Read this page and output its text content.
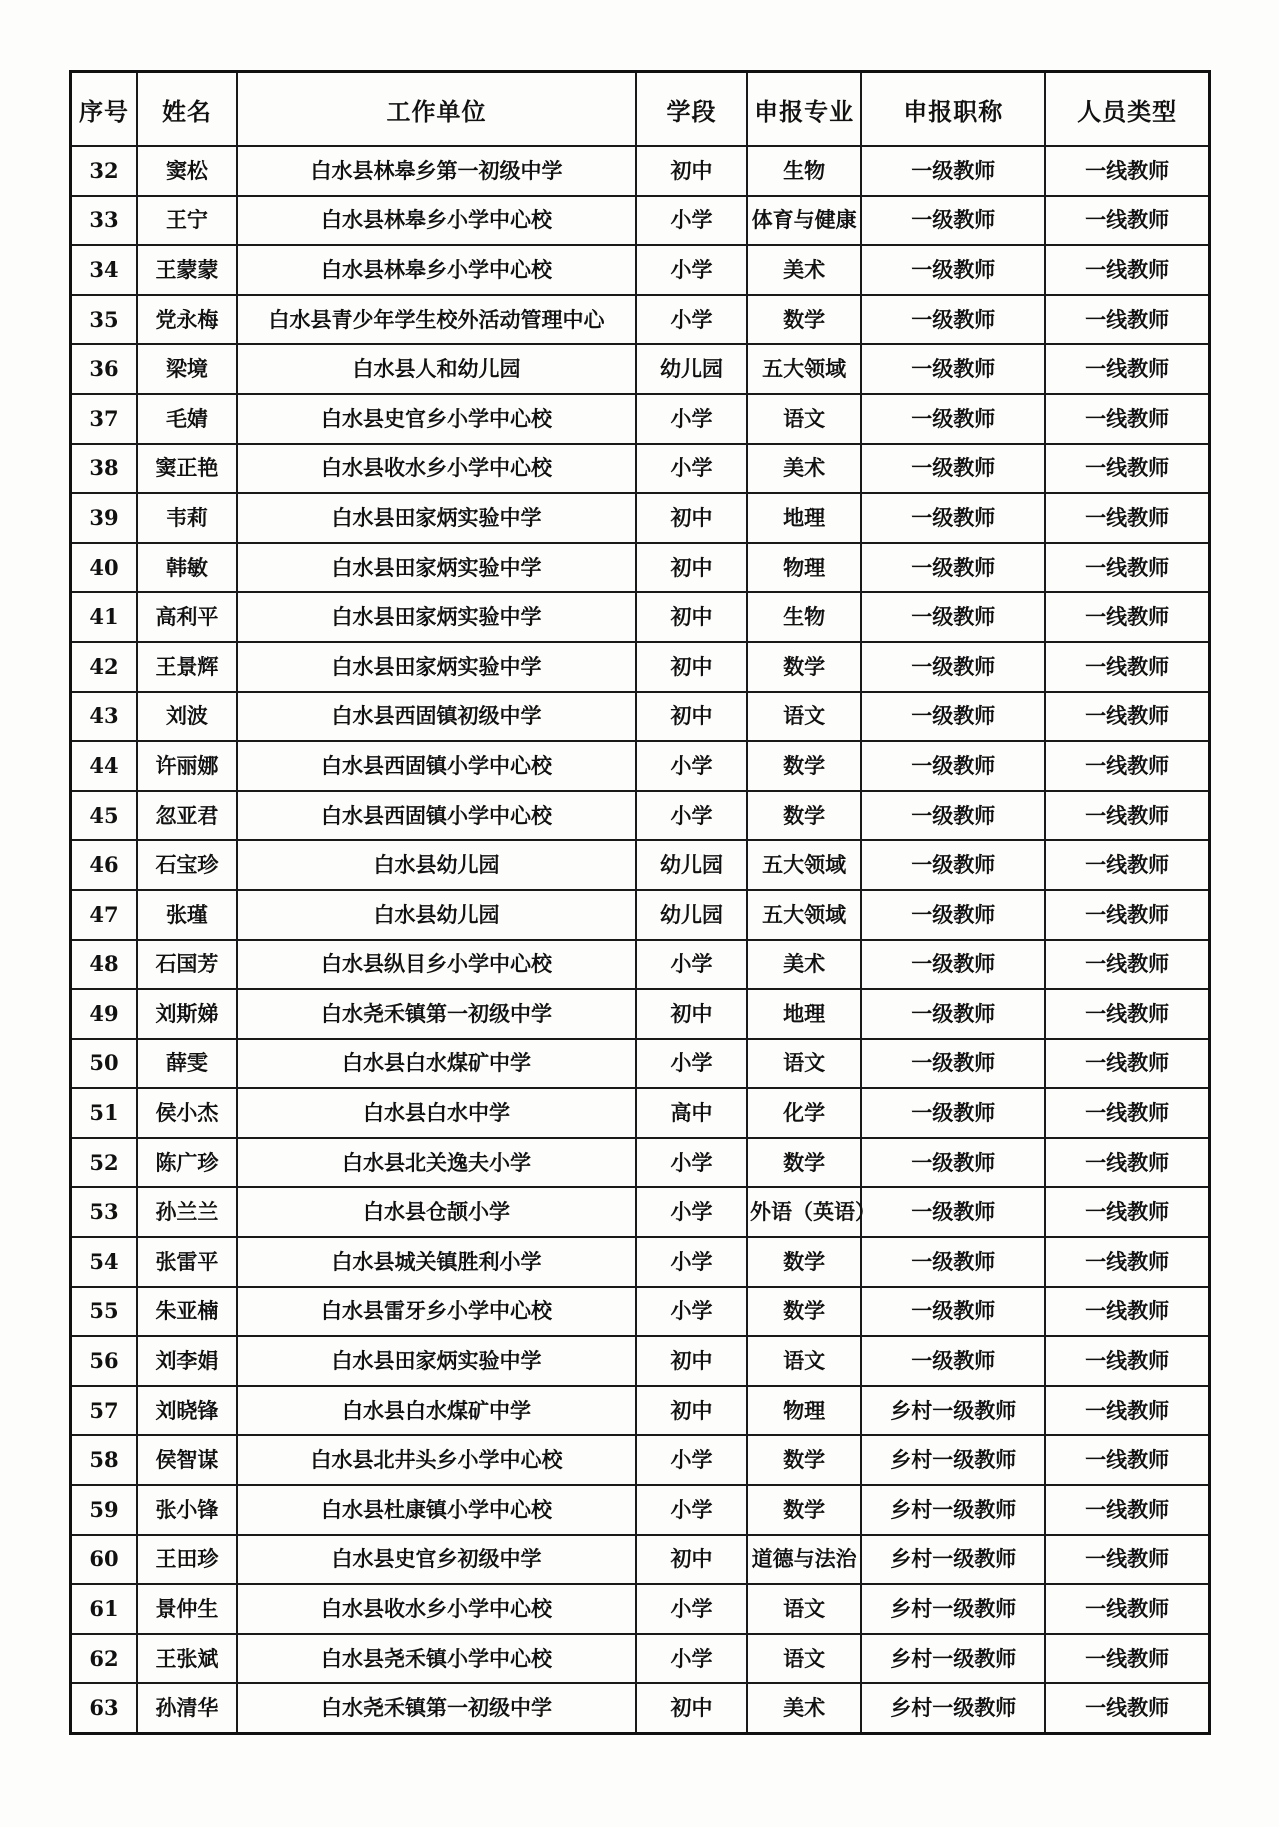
序号	姓名	工作单位	学段	申报专业	申报职称	人员类型
32	窦松	白水县林皋乡第一初级中学	初中	生物	一级教师	一线教师
33	王宁	白水县林皋乡小学中心校	小学	体育与健康	一级教师	一线教师
34	王蒙蒙	白水县林皋乡小学中心校	小学	美术	一级教师	一线教师
35	党永梅	白水县青少年学生校外活动管理中心	小学	数学	一级教师	一线教师
36	梁境	白水县人和幼儿园	幼儿园	五大领域	一级教师	一线教师
37	毛婧	白水县史官乡小学中心校	小学	语文	一级教师	一线教师
38	窦正艳	白水县收水乡小学中心校	小学	美术	一级教师	一线教师
39	韦莉	白水县田家炳实验中学	初中	地理	一级教师	一线教师
40	韩敏	白水县田家炳实验中学	初中	物理	一级教师	一线教师
41	高利平	白水县田家炳实验中学	初中	生物	一级教师	一线教师
42	王景辉	白水县田家炳实验中学	初中	数学	一级教师	一线教师
43	刘波	白水县西固镇初级中学	初中	语文	一级教师	一线教师
44	许丽娜	白水县西固镇小学中心校	小学	数学	一级教师	一线教师
45	忽亚君	白水县西固镇小学中心校	小学	数学	一级教师	一线教师
46	石宝珍	白水县幼儿园	幼儿园	五大领域	一级教师	一线教师
47	张瑾	白水县幼儿园	幼儿园	五大领域	一级教师	一线教师
48	石国芳	白水县纵目乡小学中心校	小学	美术	一级教师	一线教师
49	刘斯娣	白水尧禾镇第一初级中学	初中	地理	一级教师	一线教师
50	薛雯	白水县白水煤矿中学	小学	语文	一级教师	一线教师
51	侯小杰	白水县白水中学	高中	化学	一级教师	一线教师
52	陈广珍	白水县北关逸夫小学	小学	数学	一级教师	一线教师
53	孙兰兰	白水县仓颉小学	小学	外语（英语）	一级教师	一线教师
54	张雷平	白水县城关镇胜利小学	小学	数学	一级教师	一线教师
55	朱亚楠	白水县雷牙乡小学中心校	小学	数学	一级教师	一线教师
56	刘李娟	白水县田家炳实验中学	初中	语文	一级教师	一线教师
57	刘晓锋	白水县白水煤矿中学	初中	物理	乡村一级教师	一线教师
58	侯智谋	白水县北井头乡小学中心校	小学	数学	乡村一级教师	一线教师
59	张小锋	白水县杜康镇小学中心校	小学	数学	乡村一级教师	一线教师
60	王田珍	白水县史官乡初级中学	初中	道德与法治	乡村一级教师	一线教师
61	景仲生	白水县收水乡小学中心校	小学	语文	乡村一级教师	一线教师
62	王张斌	白水县尧禾镇小学中心校	小学	语文	乡村一级教师	一线教师
63	孙清华	白水尧禾镇第一初级中学	初中	美术	乡村一级教师	一线教师
